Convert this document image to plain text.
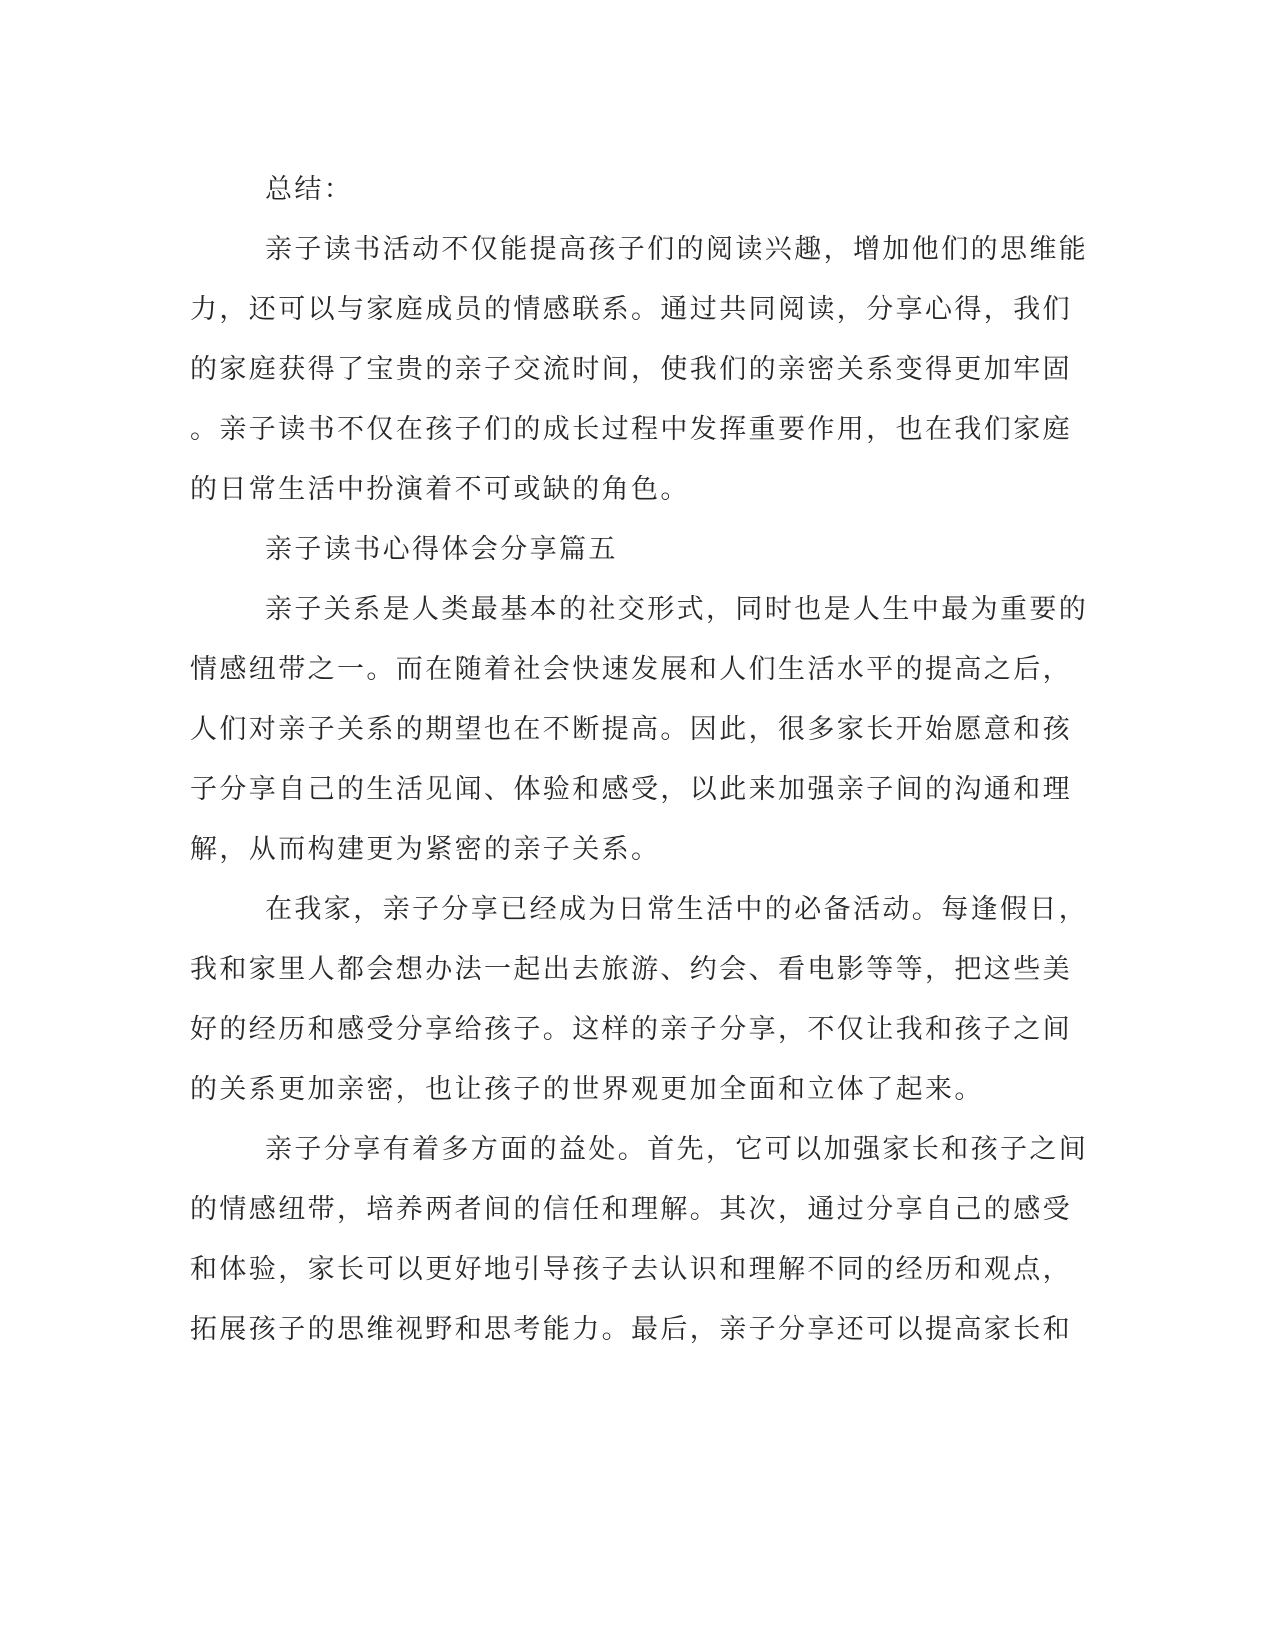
总结：
亲子读书活动不仅能提高孩子们的阅读兴趣，增加他们的思维能
力，还可以与家庭成员的情感联系。通过共同阅读，分享心得，我们
的家庭获得了宝贵的亲子交流时间，使我们的亲密关系变得更加牢固
。亲子读书不仅在孩子们的成长过程中发挥重要作用，也在我们家庭
的日常生活中扮演着不可或缺的角色。
亲子读书心得体会分享篇五
亲子关系是人类最基本的社交形式，同时也是人生中最为重要的
情感纽带之一。而在随着社会快速发展和人们生活水平的提高之后，
人们对亲子关系的期望也在不断提高。因此，很多家长开始愿意和孩
子分享自己的生活见闻、体验和感受，以此来加强亲子间的沟通和理
解，从而构建更为紧密的亲子关系。
在我家，亲子分享已经成为日常生活中的必备活动。每逢假日，
我和家里人都会想办法一起出去旅游、约会、看电影等等，把这些美
好的经历和感受分享给孩子。这样的亲子分享，不仅让我和孩子之间
的关系更加亲密，也让孩子的世界观更加全面和立体了起来。
亲子分享有着多方面的益处。首先，它可以加强家长和孩子之间
的情感纽带，培养两者间的信任和理解。其次，通过分享自己的感受
和体验，家长可以更好地引导孩子去认识和理解不同的经历和观点，
拓展孩子的思维视野和思考能力。最后，亲子分享还可以提高家长和
